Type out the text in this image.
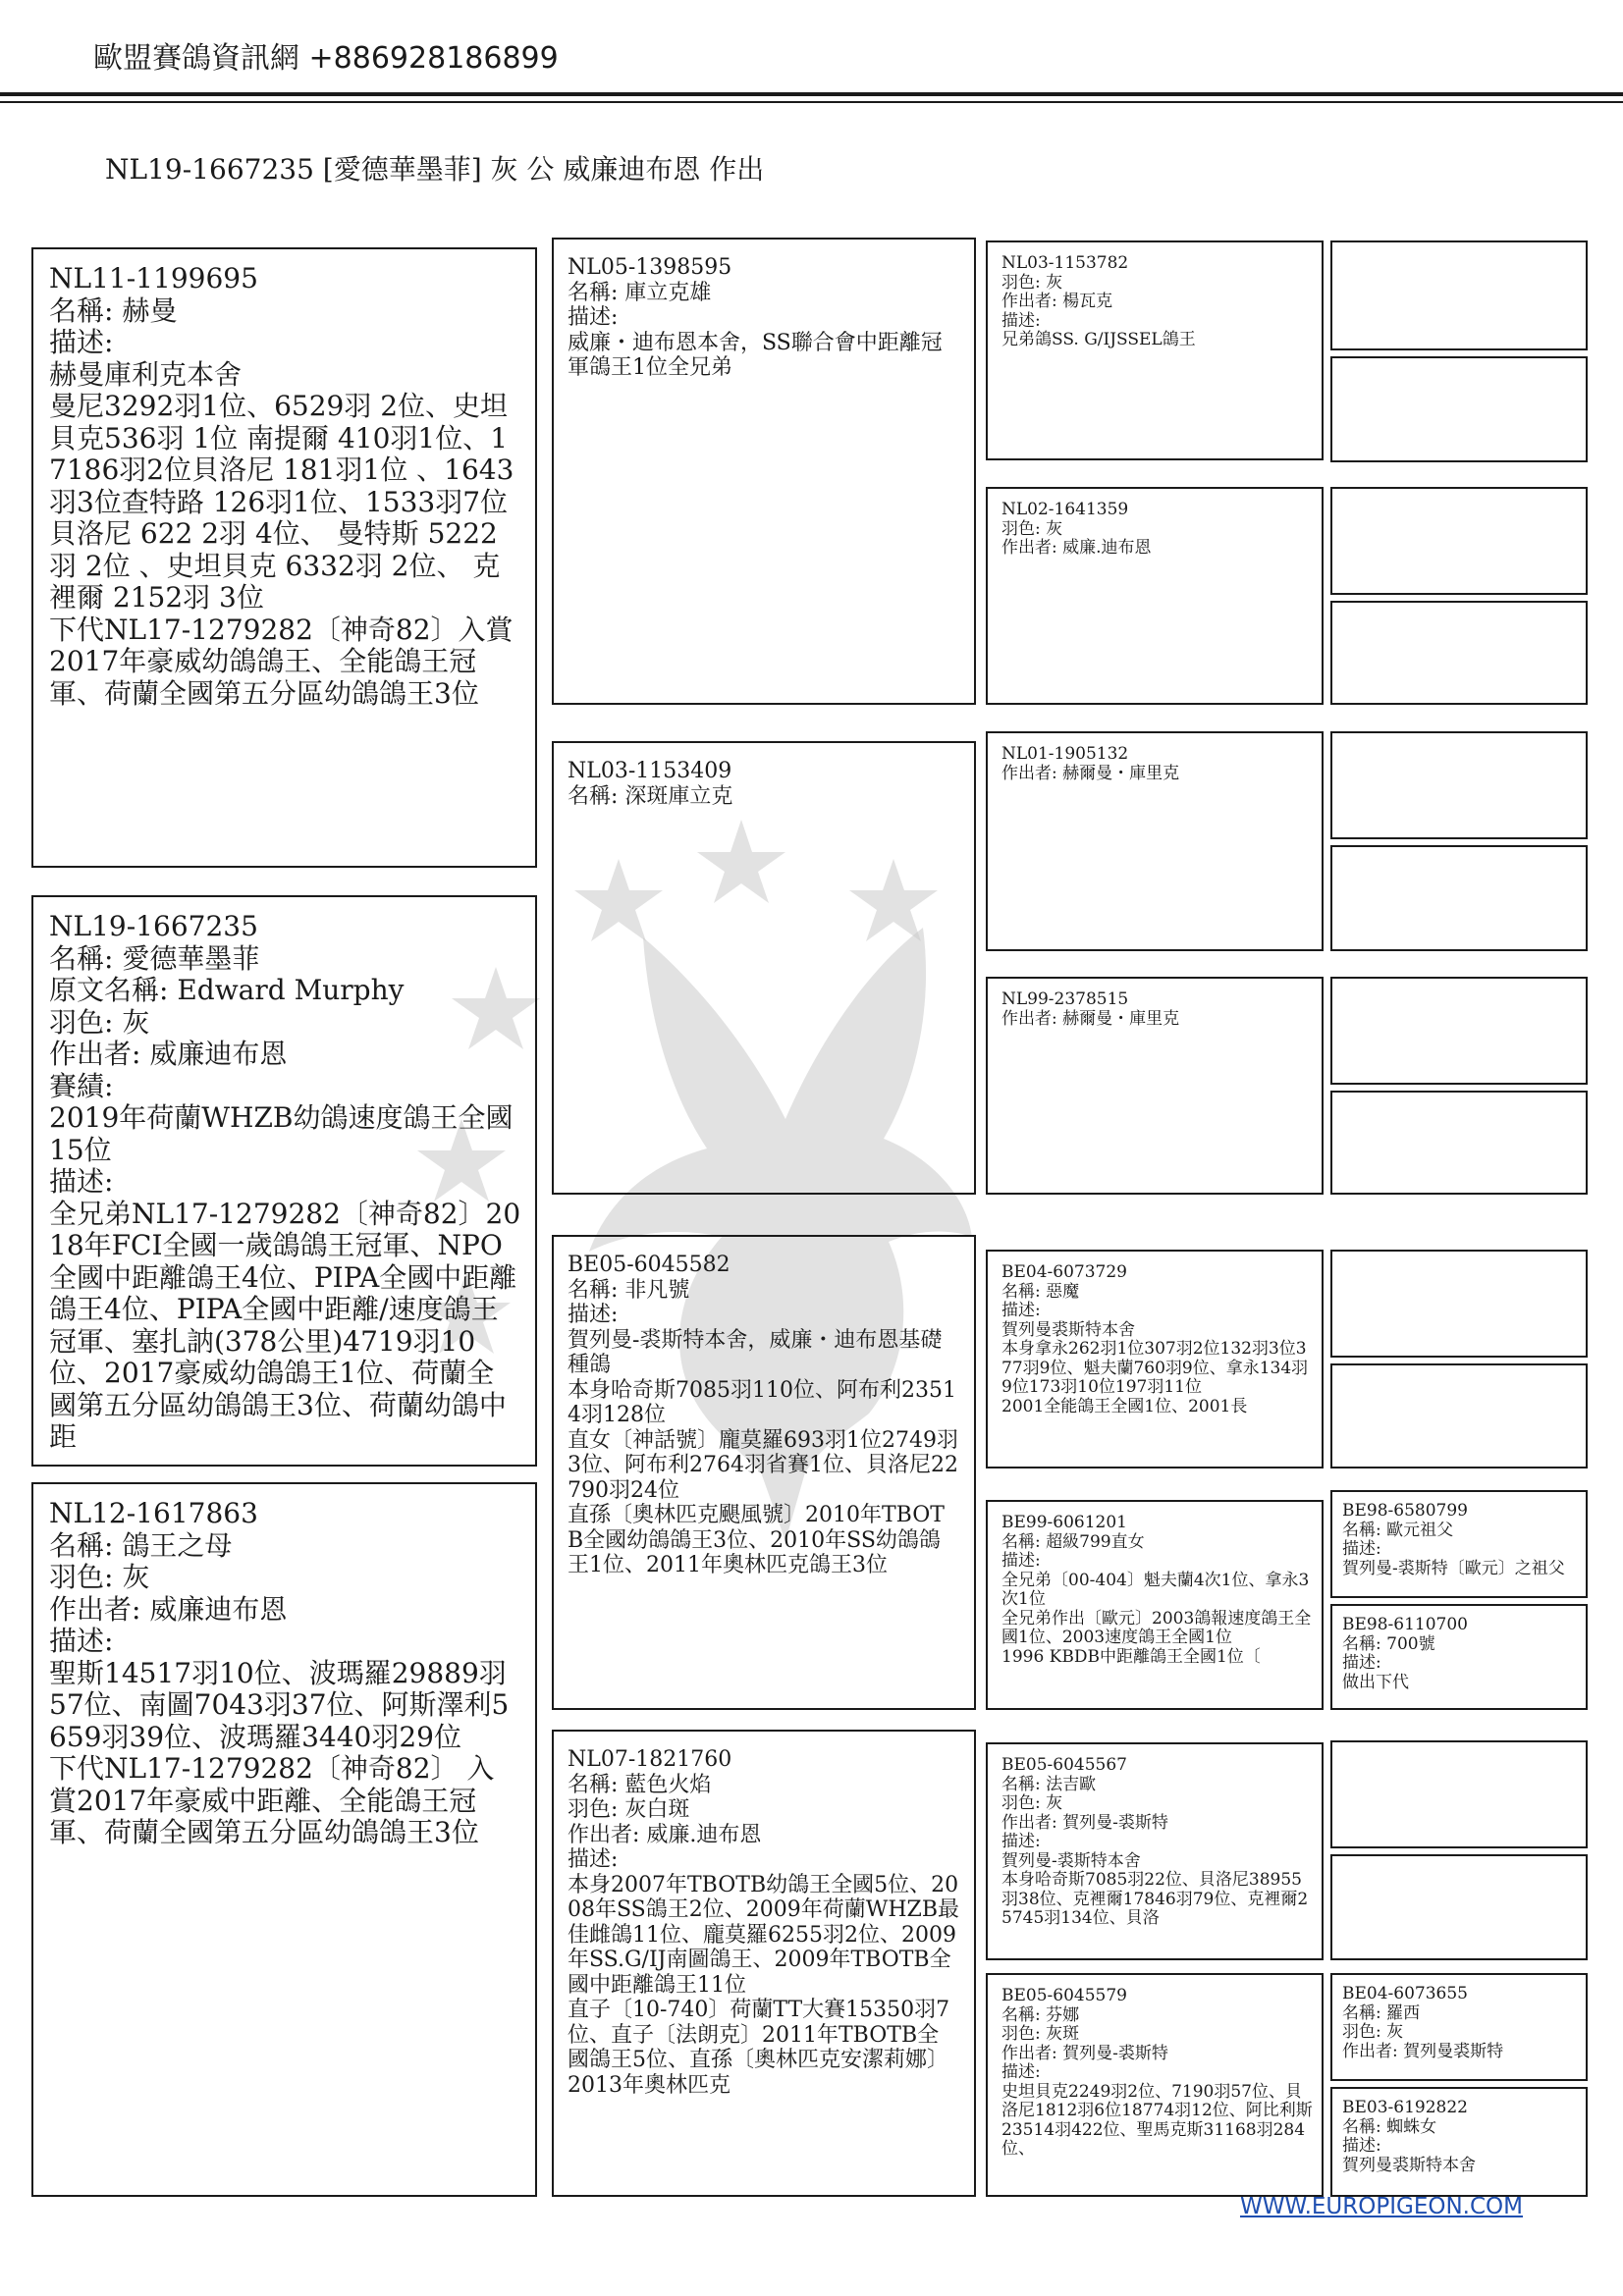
歐盟賽鴿資訊網 +886928186899
NL19-1667235 [愛德華墨菲] 灰 公 威廉迪布恩 作出
NL11-1199695
名稱: 赫曼
描述:
赫曼庫利克本舍
曼尼3292羽1位、6529羽 2位、史坦貝克536羽 1位 南提爾 410羽1位、17186羽2位貝洛尼 181羽1位 、1643羽3位查特路 126羽1位、1533羽7位 貝洛尼 622 2羽 4位、 曼特斯 5222羽 2位 、史坦貝克 6332羽 2位、 克裡爾 2152羽 3位
下代NL17-1279282〔神奇82〕入賞2017年豪威幼鴿鴿王、全能鴿王冠軍、荷蘭全國第五分區幼鴿鴿王3位
NL19-1667235
名稱: 愛德華墨菲
原文名稱: Edward Murphy
羽色: 灰
作出者: 威廉迪布恩
賽績:
2019年荷蘭WHZB幼鴿速度鴿王全國15位
描述:
全兄弟NL17-1279282〔神奇82〕2018年FCI全國一歲鴿鴿王冠軍、NPO全國中距離鴿王4位、PIPA全國中距離鴿王4位、PIPA全國中距離/速度鴿王冠軍、塞扎訥(378公里)4719羽10位、2017豪威幼鴿鴿王1位、荷蘭全國第五分區幼鴿鴿王3位、荷蘭幼鴿中距
NL12-1617863
名稱: 鴿王之母
羽色: 灰
作出者: 威廉迪布恩
描述:
聖斯14517羽10位、波瑪羅29889羽57位、南圖7043羽37位、阿斯澤利5659羽39位、波瑪羅3440羽29位
下代NL17-1279282〔神奇82〕 入賞2017年豪威中距離、全能鴿王冠軍、荷蘭全國第五分區幼鴿鴿王3位
NL05-1398595
名稱: 庫立克雄
描述:
威廉・迪布恩本舍，SS聯合會中距離冠軍鴿王1位全兄弟
NL03-1153409
名稱: 深斑庫立克
BE05-6045582
名稱: 非凡號
描述:
賀列曼-裘斯特本舍，威廉・迪布恩基礎種鴿
本身哈奇斯7085羽110位、阿布利23514羽128位
直女〔神話號〕龐莫羅693羽1位2749羽3位、阿布利2764羽省賽1位、貝洛尼22790羽24位
直孫〔奧林匹克颶風號〕2010年TBOTB全國幼鴿鴿王3位、2010年SS幼鴿鴿王1位、2011年奧林匹克鴿王3位
NL07-1821760
名稱: 藍色火焰
羽色: 灰白斑
作出者: 威廉.迪布恩
描述:
本身2007年TBOTB幼鴿王全國5位、2008年SS鴿王2位、2009年荷蘭WHZB最佳雌鴿11位、龐莫羅6255羽2位、2009年SS.G/IJ南圖鴿王、2009年TBOTB全國中距離鴿王11位
直子〔10-740〕荷蘭TT大賽15350羽7位、直子〔法朗克〕2011年TBOTB全國鴿王5位、直孫〔奧林匹克安潔莉娜〕2013年奧林匹克
NL03-1153782
羽色: 灰
作出者: 楊瓦克
描述:
兄弟鴿SS. G/IJSSEL鴿王
NL02-1641359
羽色: 灰
作出者: 威廉.迪布恩
NL01-1905132
作出者: 赫爾曼・庫里克
NL99-2378515
作出者: 赫爾曼・庫里克
BE04-6073729
名稱: 惡魔
描述:
賀列曼裘斯特本舍
本身拿永262羽1位307羽2位132羽3位377羽9位、魁夫蘭760羽9位、拿永134羽9位173羽10位197羽11位
2001全能鴿王全國1位、2001長
BE99-6061201
名稱: 超級799直女
描述:
全兄弟〔00-404〕魁夫蘭4次1位、拿永3次1位
全兄弟作出〔歐元〕2003鴿報速度鴿王全國1位、2003速度鴿王全國1位
1996 KBDB中距離鴿王全國1位〔
BE05-6045567
名稱: 法吉歐
羽色: 灰
作出者: 賀列曼-裘斯特
描述:
賀列曼-裘斯特本舍
本身哈奇斯7085羽22位、貝洛尼38955羽38位、克裡爾17846羽79位、克裡爾25745羽134位、貝洛
BE05-6045579
名稱: 芬娜
羽色: 灰斑
作出者: 賀列曼-裘斯特
描述:
史坦貝克2249羽2位、7190羽57位、貝洛尼1812羽6位18774羽12位、阿比利斯23514羽422位、聖馬克斯31168羽284位、
BE98-6580799
名稱: 歐元祖父
描述:
賀列曼-裘斯特〔歐元〕之祖父
BE98-6110700
名稱: 700號
描述:
做出下代
BE04-6073655
名稱: 羅西
羽色: 灰
作出者: 賀列曼裘斯特
BE03-6192822
名稱: 蜘蛛女
描述:
賀列曼裘斯特本舍
WWW.EUROPIGEON.COM
